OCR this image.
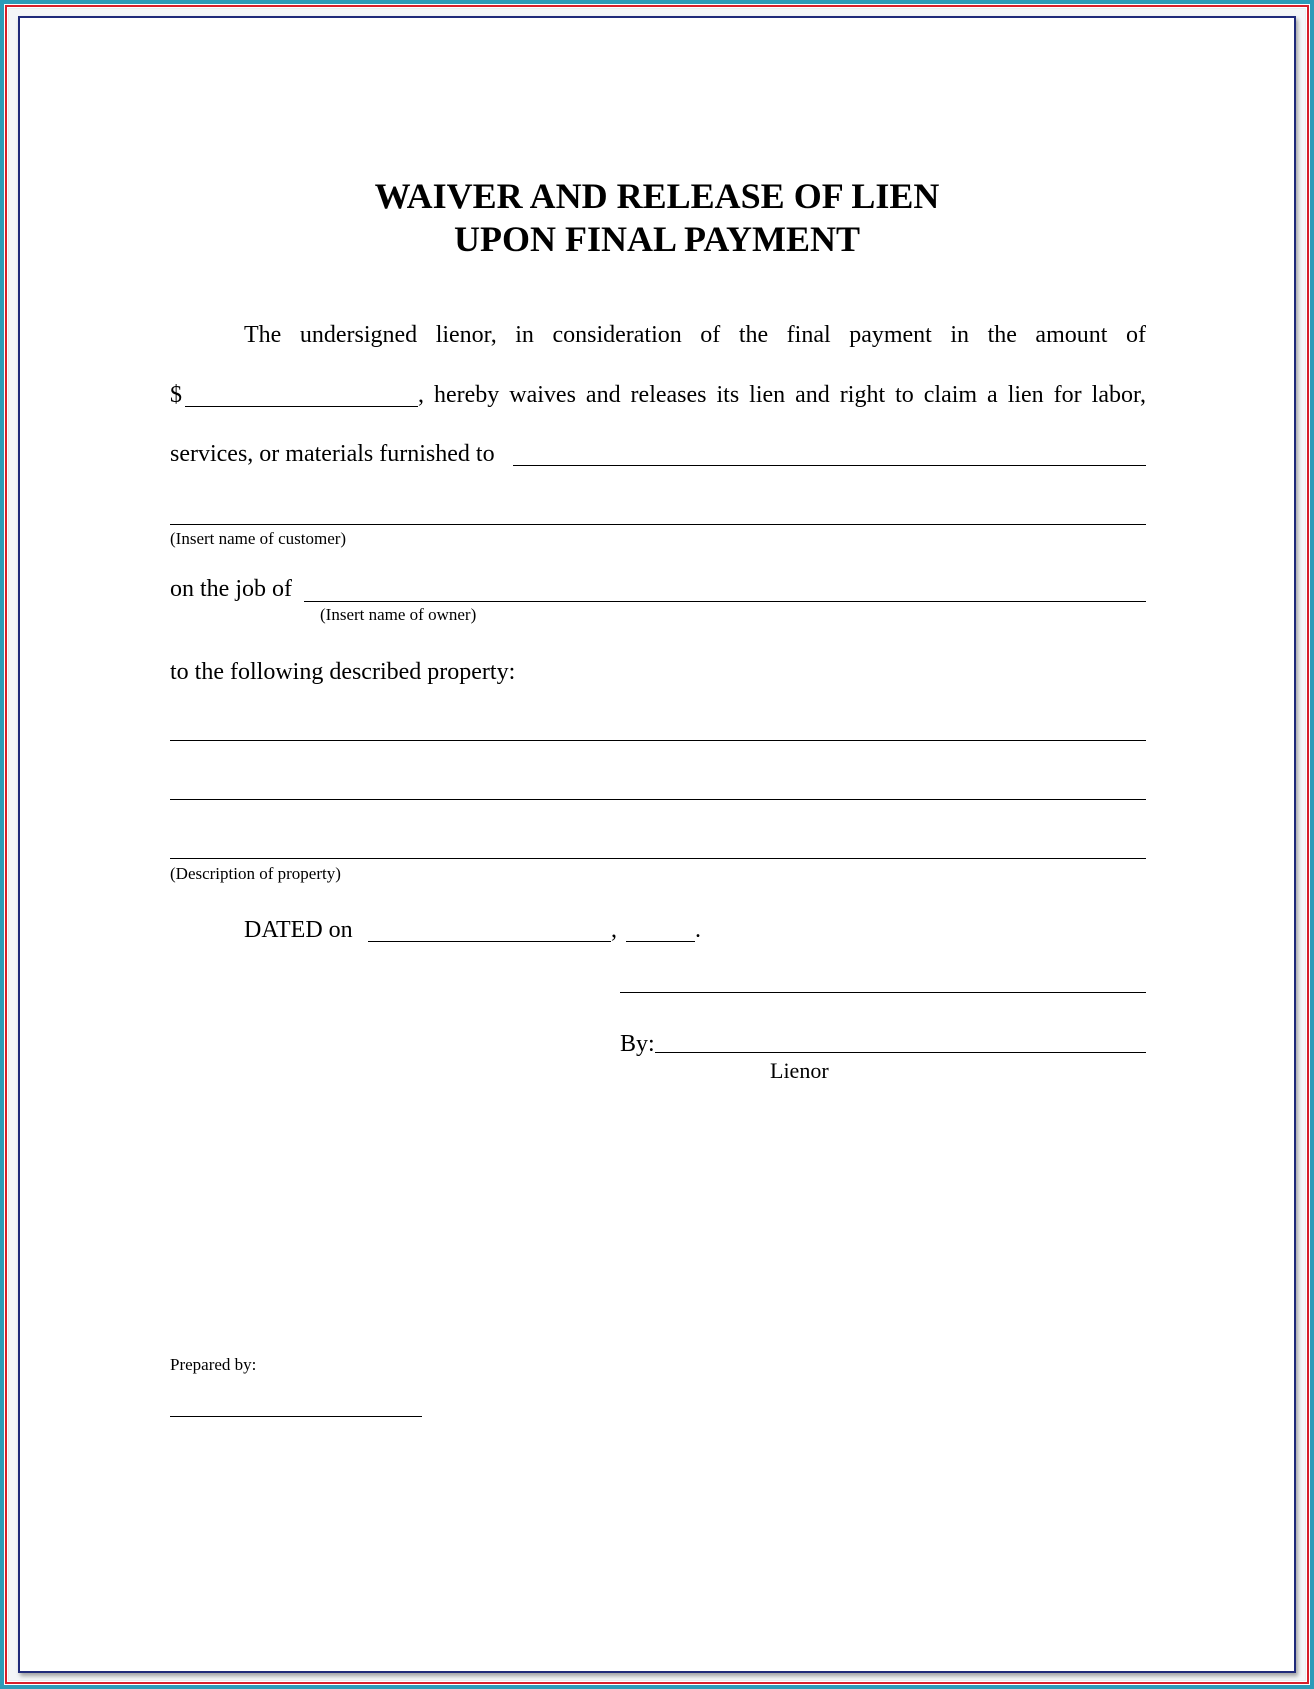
WAIVER AND RELEASE OF LIEN
UPON FINAL PAYMENT
The undersigned lienor, in consideration of the final payment in the amount of
$	, hereby waives and releases its lien and right to claim a lien for labor,
services, or materials furnished to
(Insert name of customer)
on the job of
(Insert name of owner)
to the following described property:
(Description of property)
DATED on	,	.
By:
Lienor
Prepared by:
